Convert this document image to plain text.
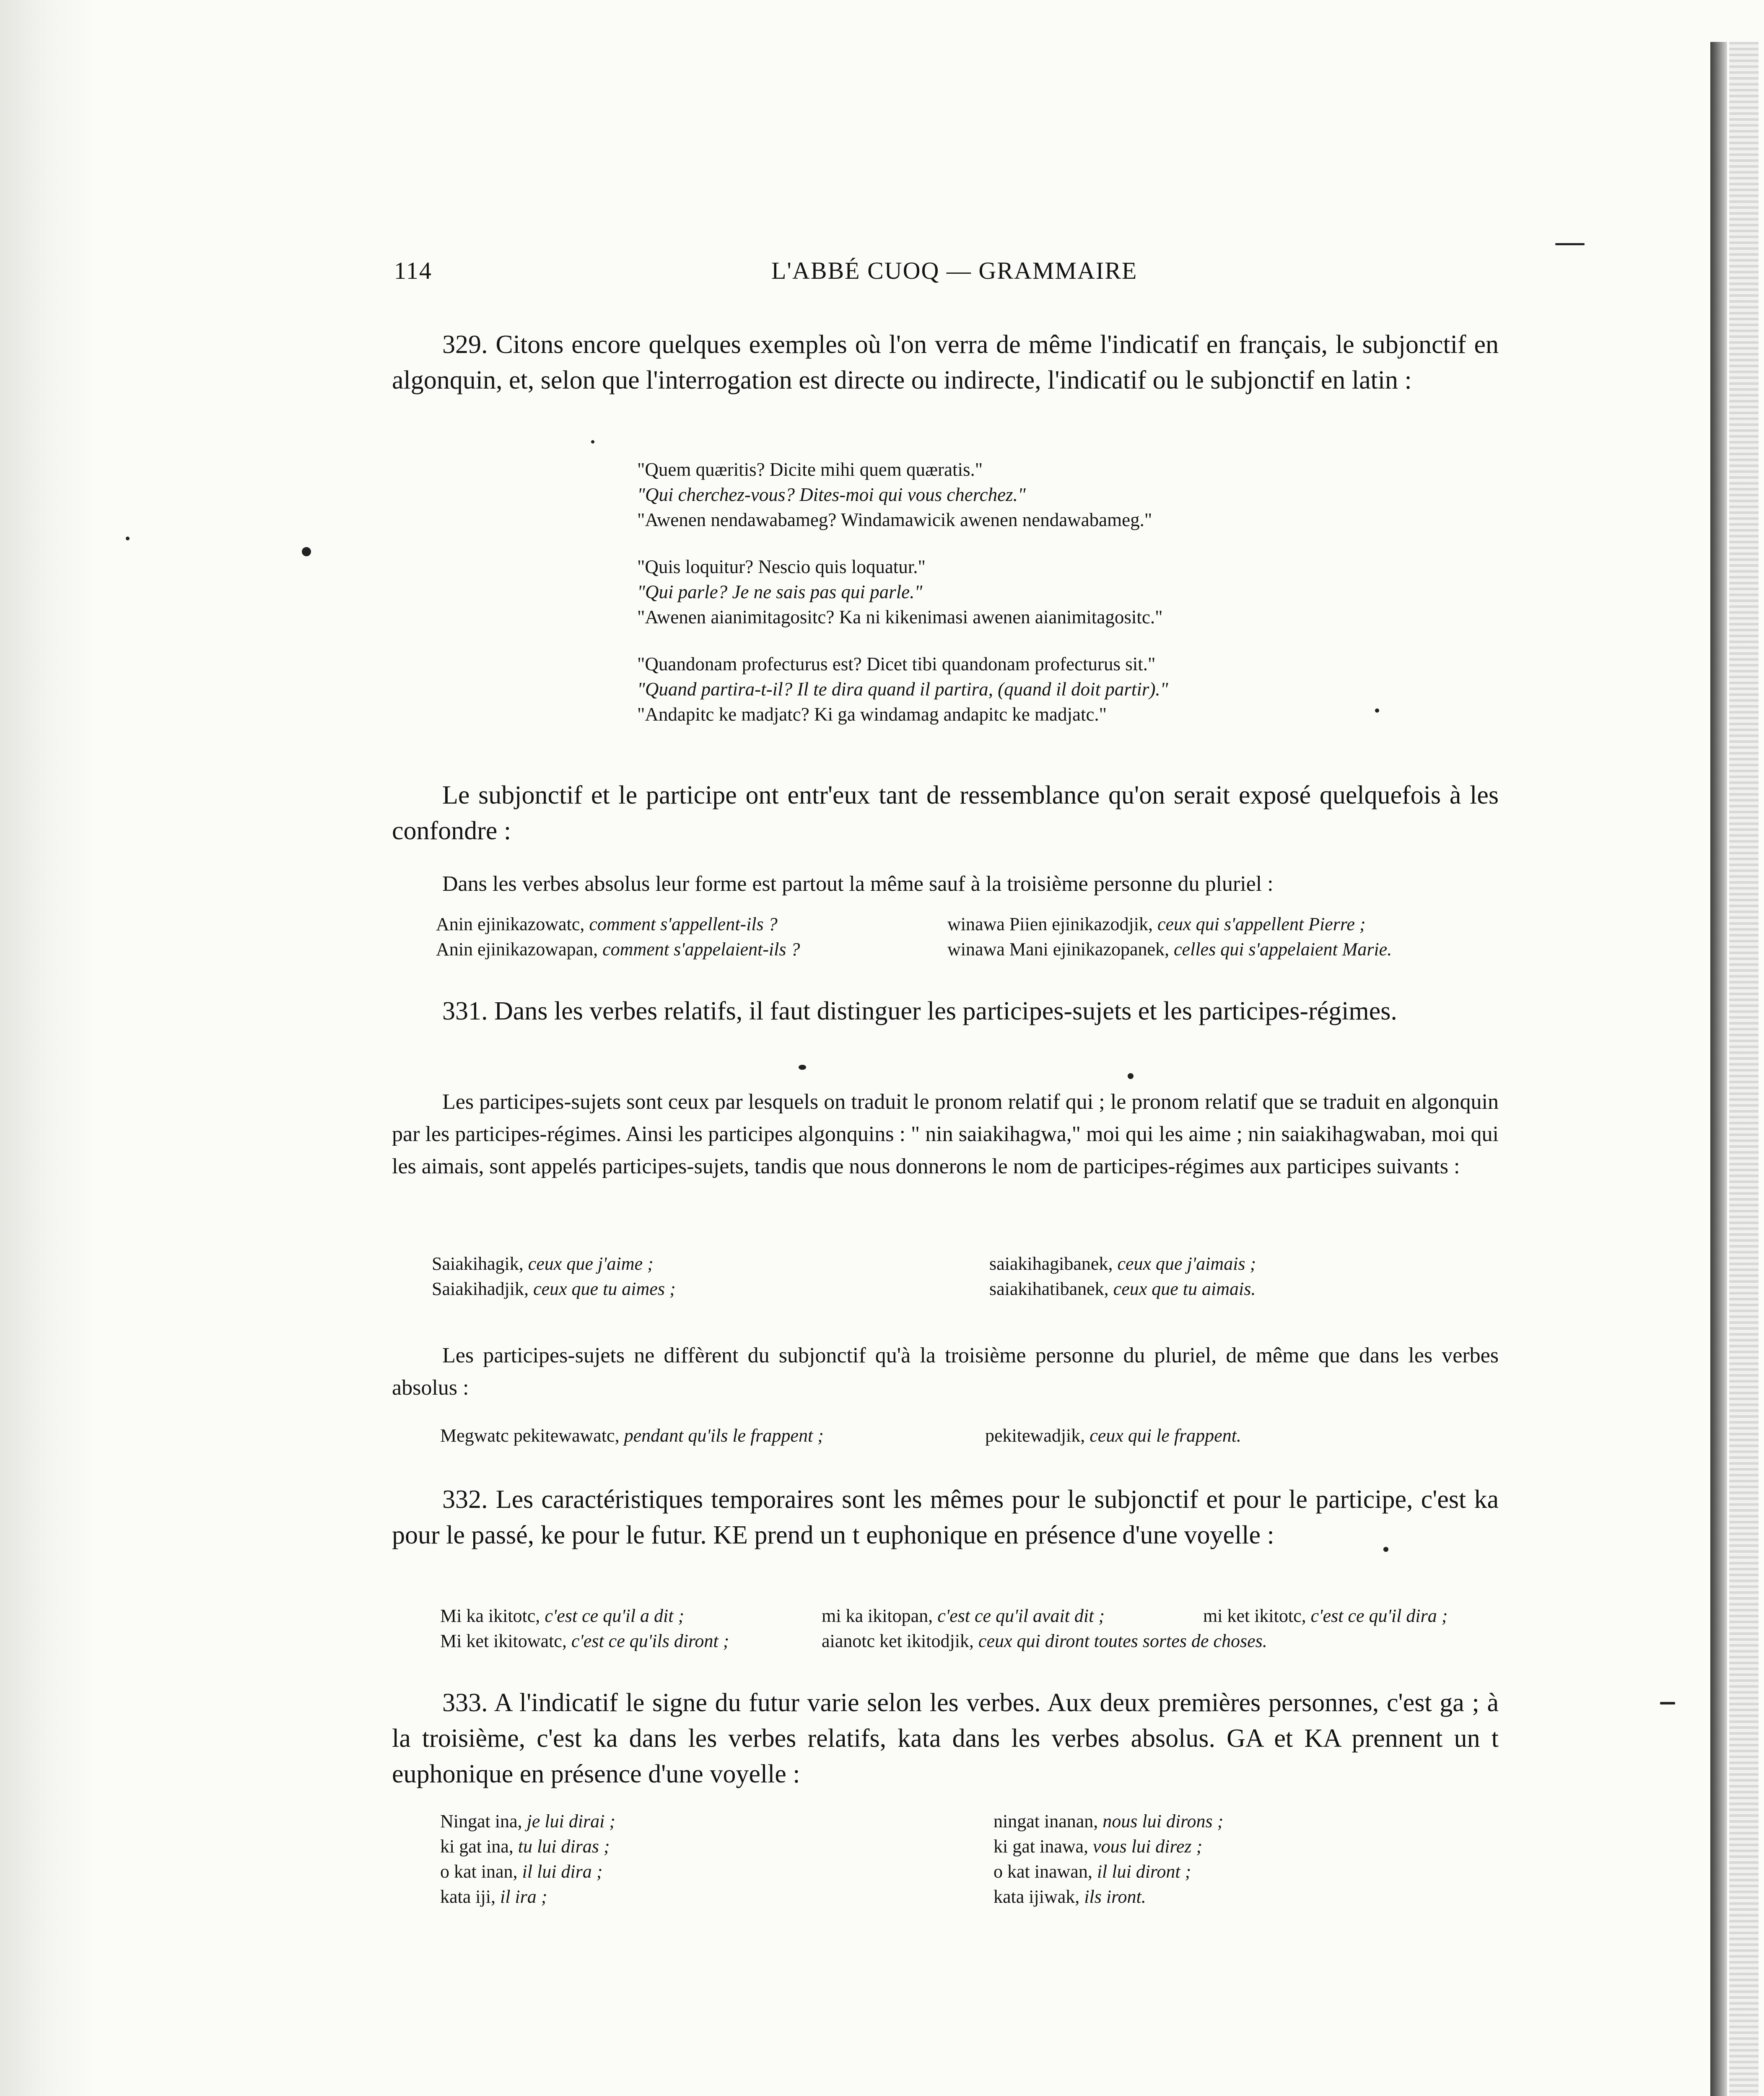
114	L'ABBÉ CUOQ — GRAMMAIRE
329. Citons encore quelques exemples où l'on verra de même l'indicatif en français, le subjonctif en algonquin, et, selon que l'interrogation est directe ou indirecte, l'indicatif ou le subjonctif en latin :
"Quem quæritis? Dicite mihi quem quæratis."
"Qui cherchez-vous? Dites-moi qui vous cherchez."
"Awenen nendawabameg? Windamawicik awenen nendawabameg."
"Quis loquitur? Nescio quis loquatur."
"Qui parle? Je ne sais pas qui parle."
"Awenen aianimitagositc? Ka ni kikenimasi awenen aianimitagositc."
"Quandonam profecturus est? Dicet tibi quandonam profecturus sit."
"Quand partira-t-il? Il te dira quand il partira, (quand il doit partir)."
"Andapitc ke madjatc? Ki ga windamag andapitc ke madjatc."
Le subjonctif et le participe ont entr'eux tant de ressemblance qu'on serait exposé quelquefois à les confondre :
Dans les verbes absolus leur forme est partout la même sauf à la troisième personne du pluriel :
Anin ejinikazowatc, comment s'appellent-ils ?	winawa Piien ejinikazodjik, ceux qui s'appellent Pierre ;
Anin ejinikazowapan, comment s'appelaient-ils ?	winawa Mani ejinikazopanek, celles qui s'appelaient Marie.
331. Dans les verbes relatifs, il faut distinguer les participes-sujets et les participes-régimes.
Les participes-sujets sont ceux par lesquels on traduit le pronom relatif qui ; le pronom relatif que se traduit en algonquin par les participes-régimes. Ainsi les participes algonquins : " nin saiakihagwa," moi qui les aime ; nin saiakihagwaban, moi qui les aimais, sont appelés participes-sujets, tandis que nous donnerons le nom de participes-régimes aux participes suivants :
Saiakihagik, ceux que j'aime ;	saiakihagibanek, ceux que j'aimais ;
Saiakihadjik, ceux que tu aimes ;	saiakihatibanek, ceux que tu aimais.
Les participes-sujets ne diffèrent du subjonctif qu'à la troisième personne du pluriel, de même que dans les verbes absolus :
Megwatc pekitewawatc, pendant qu'ils le frappent ;	pekitewadjik, ceux qui le frappent.
332. Les caractéristiques temporaires sont les mêmes pour le subjonctif et pour le participe, c'est ka pour le passé, ke pour le futur. KE prend un t euphonique en présence d'une voyelle :
Mi ka ikitotc, c'est ce qu'il a dit ;	mi ka ikitopan, c'est ce qu'il avait dit ;	mi ket ikitotc, c'est ce qu'il dira ;
Mi ket ikitowatc, c'est ce qu'ils diront ;	aianotc ket ikitodjik, ceux qui diront toutes sortes de choses.
333. A l'indicatif le signe du futur varie selon les verbes. Aux deux premières personnes, c'est ga ; à la troisième, c'est ka dans les verbes relatifs, kata dans les verbes absolus. GA et KA prennent un t euphonique en présence d'une voyelle :
Ningat ina, je lui dirai ;	ningat inanan, nous lui dirons ;
ki gat ina, tu lui diras ;	ki gat inawa, vous lui direz ;
o kat inan, il lui dira ;	o kat inawan, il lui diront ;
kata iji, il ira ;	kata ijiwak, ils iront.
